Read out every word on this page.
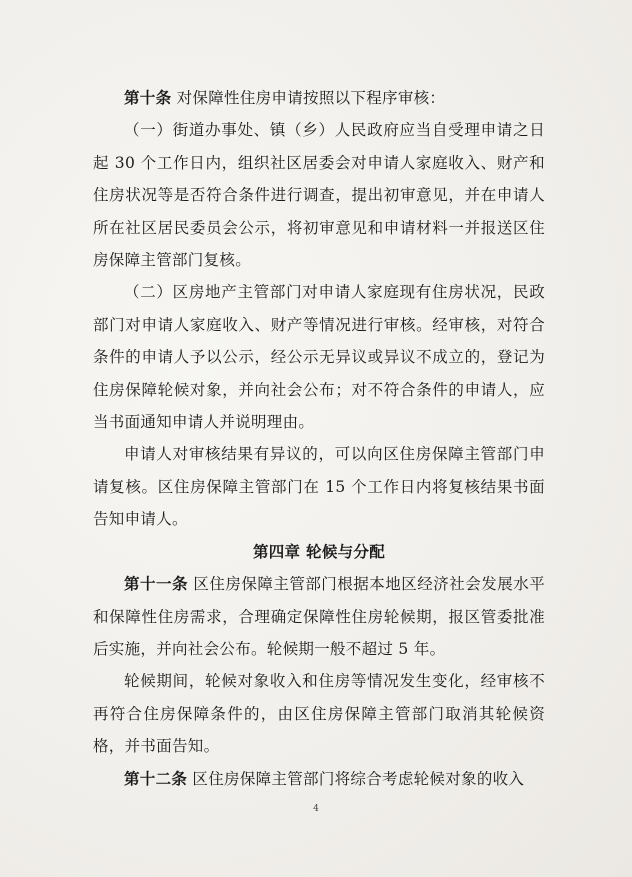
第十条 对保障性住房申请按照以下程序审核：

（一）街道办事处、镇（乡）人民政府应当自受理申请之日起 30 个工作日内，组织社区居委会对申请人家庭收入、财产和住房状况等是否符合条件进行调查，提出初审意见，并在申请人所在社区居民委员会公示，将初审意见和申请材料一并报送区住房保障主管部门复核。

（二）区房地产主管部门对申请人家庭现有住房状况，民政部门对申请人家庭收入、财产等情况进行审核。经审核，对符合条件的申请人予以公示，经公示无异议或异议不成立的，登记为住房保障轮候对象，并向社会公布；对不符合条件的申请人，应当书面通知申请人并说明理由。

申请人对审核结果有异议的，可以向区住房保障主管部门申请复核。区住房保障主管部门在 15 个工作日内将复核结果书面告知申请人。

第四章 轮候与分配

第十一条 区住房保障主管部门根据本地区经济社会发展水平和保障性住房需求，合理确定保障性住房轮候期，报区管委批准后实施，并向社会公布。轮候期一般不超过 5 年。

轮候期间，轮候对象收入和住房等情况发生变化，经审核不再符合住房保障条件的，由区住房保障主管部门取消其轮候资格，并书面告知。

第十二条 区住房保障主管部门将综合考虑轮候对象的收入

4
